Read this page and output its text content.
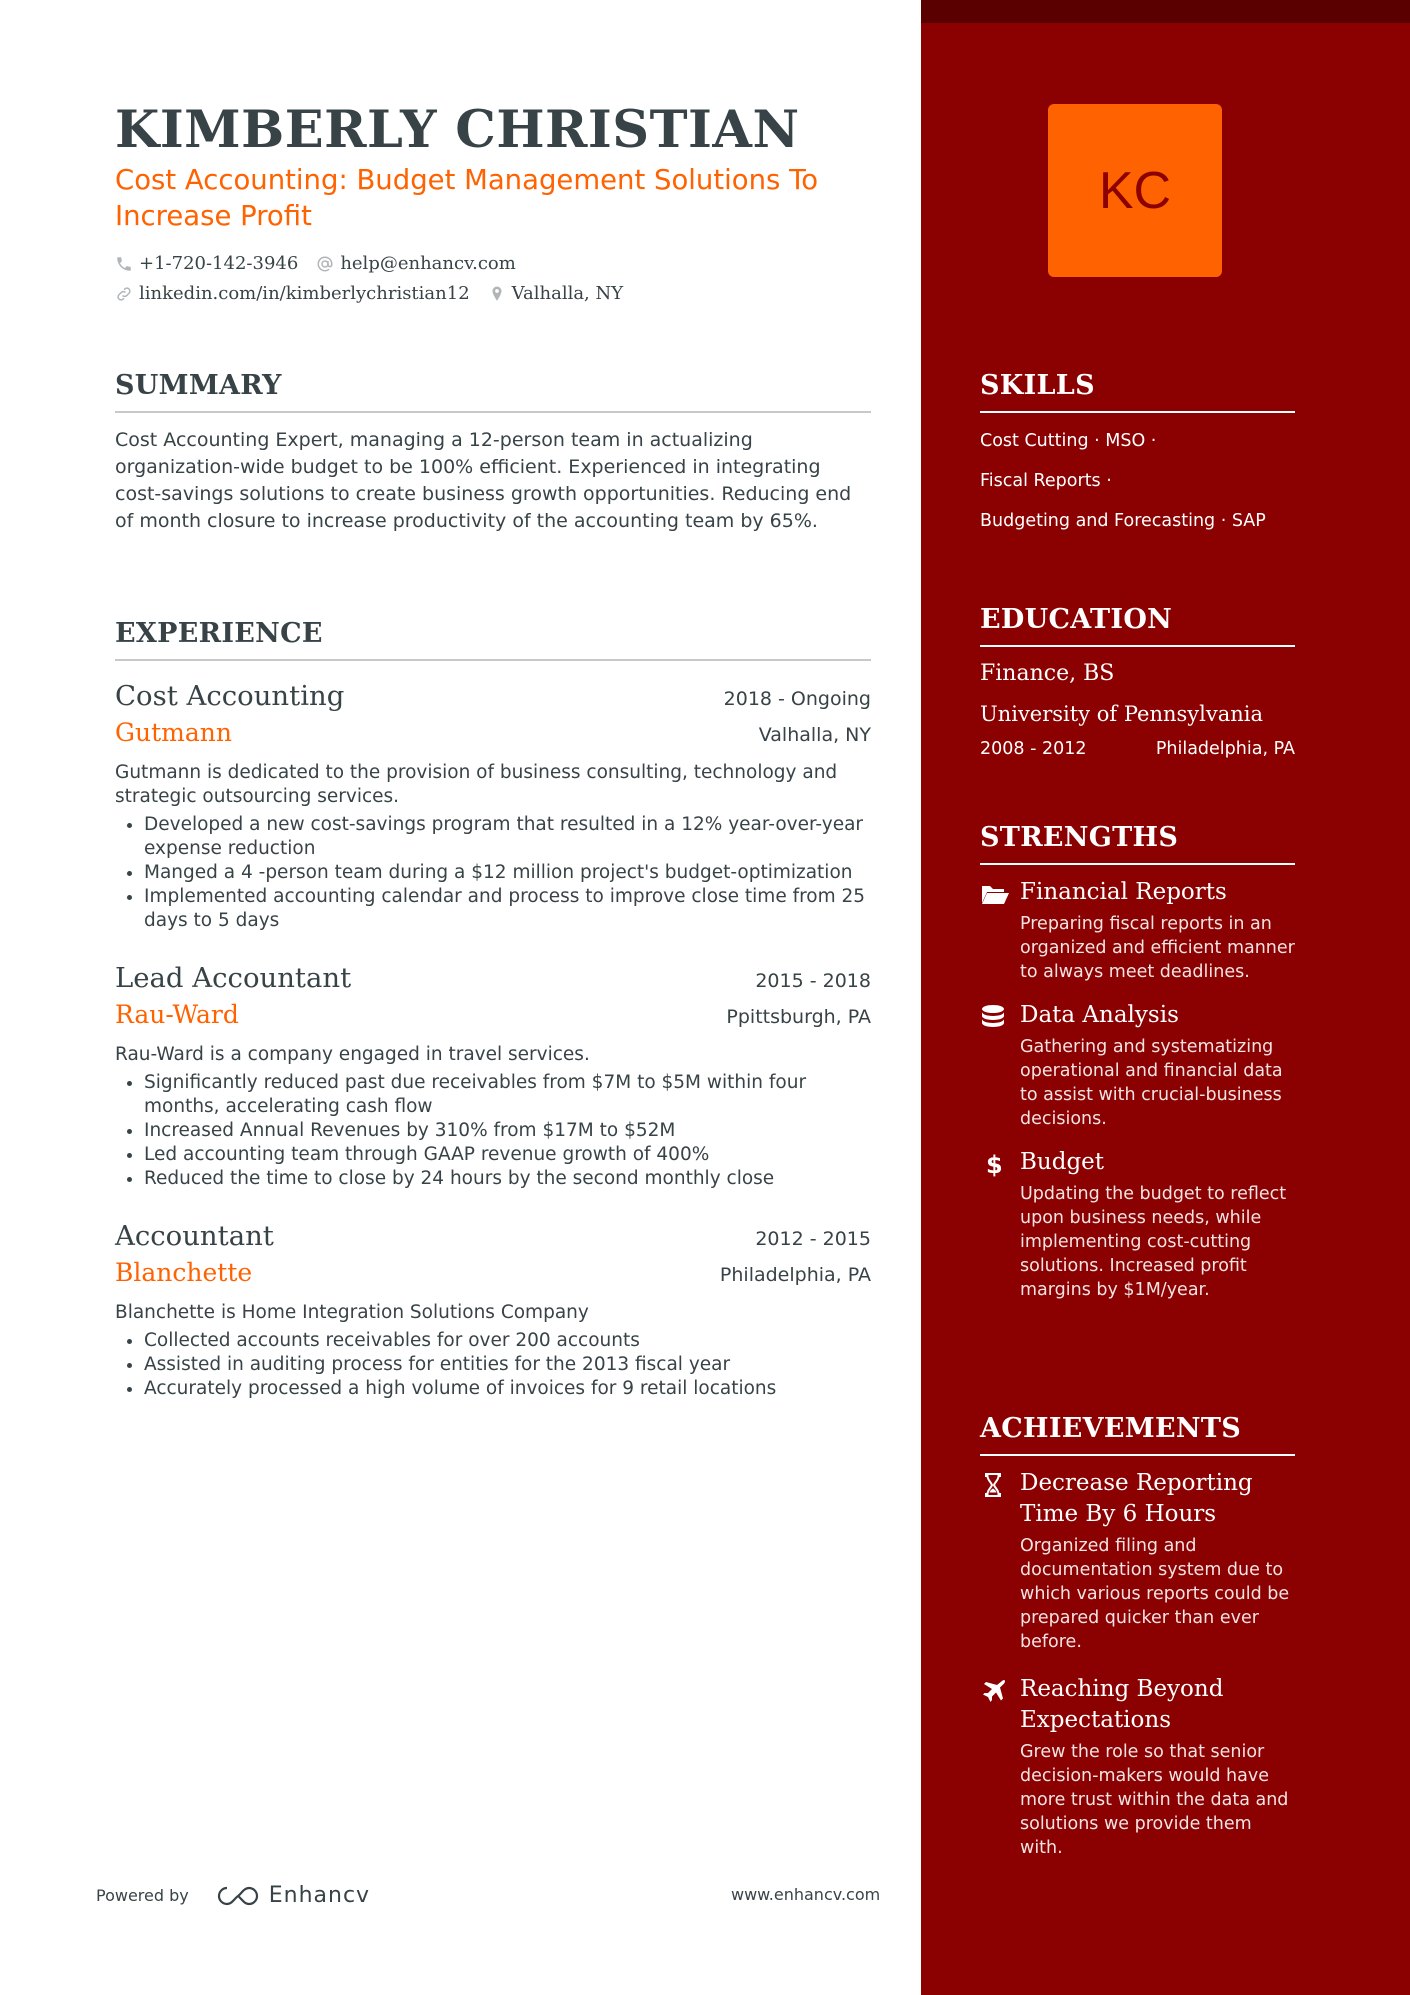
KC
KIMBERLY CHRISTIAN
Cost Accounting: Budget Management Solutions To Increase Profit
+1-720-142-3946 help@enhancv.com
linkedin.com/in/kimberlychristian12 Valhalla, NY
SUMMARY
Cost Accounting Expert, managing a 12-person team in actualizing organization-wide budget to be 100% efficient. Experienced in integrating cost-savings solutions to create business growth opportunities. Reducing end of month closure to increase productivity of the accounting team by 65%.
EXPERIENCE
Cost Accounting	2018 - Ongoing
Gutmann	Valhalla, NY
Gutmann is dedicated to the provision of business consulting, technology and strategic outsourcing services.
• Developed a new cost-savings program that resulted in a 12% year-over-year expense reduction
• Manged a 4 -person team during a $12 million project's budget-optimization
• Implemented accounting calendar and process to improve close time from 25 days to 5 days
Lead Accountant	2015 - 2018
Rau-Ward	Ppittsburgh, PA
Rau-Ward is a company engaged in travel services.
• Significantly reduced past due receivables from $7M to $5M within four months, accelerating cash flow
• Increased Annual Revenues by 310% from $17M to $52M
• Led accounting team through GAAP revenue growth of 400%
• Reduced the time to close by 24 hours by the second monthly close
Accountant	2012 - 2015
Blanchette	Philadelphia, PA
Blanchette is Home Integration Solutions Company
• Collected accounts receivables for over 200 accounts
• Assisted in auditing process for entities for the 2013 fiscal year
• Accurately processed a high volume of invoices for 9 retail locations
SKILLS
Cost Cutting · MSO ·
Fiscal Reports ·
Budgeting and Forecasting · SAP
EDUCATION
Finance, BS
University of Pennsylvania
2008 - 2012	Philadelphia, PA
STRENGTHS
Financial Reports
Preparing fiscal reports in an organized and efficient manner to always meet deadlines.
Data Analysis
Gathering and systematizing operational and financial data to assist with crucial-business decisions.
$ Budget
Updating the budget to reflect upon business needs, while implementing cost-cutting solutions. Increased profit margins by $1M/year.
ACHIEVEMENTS
Decrease Reporting Time By 6 Hours
Organized filing and documentation system due to which various reports could be prepared quicker than ever before.
Reaching Beyond Expectations
Grew the role so that senior decision-makers would have more trust within the data and solutions we provide them with.
Powered by	Enhancv	www.enhancv.com
